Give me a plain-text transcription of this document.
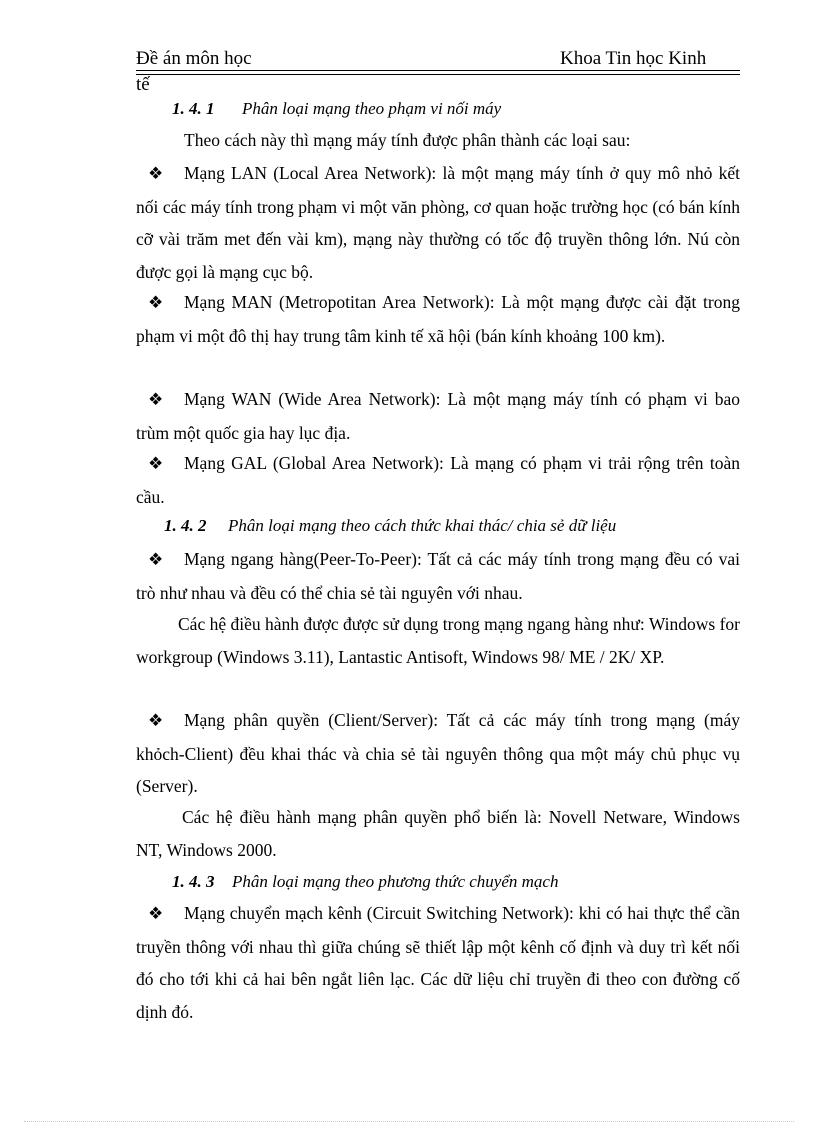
Đề án môn học	Khoa Tin học Kinh
tế
1. 4. 1 Phân loại mạng theo phạm vi nối máy
Theo cách này thì mạng máy tính được phân thành các loại sau:
❖ Mạng LAN (Local Area Network): là một mạng máy tính ở quy mô nhỏ kết nối các máy tính trong phạm vi một văn phòng, cơ quan hoặc trường học (có bán kính cỡ vài trăm met đến vài km), mạng này thường có tốc độ truyền thông lớn. Nú còn được gọi là mạng cục bộ.
❖ Mạng MAN (Metropotitan Area Network): Là một mạng được cài đặt trong phạm vi một đô thị hay trung tâm kinh tế xã hội (bán kính khoảng 100 km).
❖ Mạng WAN (Wide Area Network): Là một mạng máy tính có phạm vi bao trùm một quốc gia hay lục địa.
❖ Mạng GAL (Global Area Network): Là mạng có phạm vi trải rộng trên toàn cầu.
1. 4. 2 Phân loại mạng theo cách thức khai thác/ chia sẻ dữ liệu
❖ Mạng ngang hàng(Peer-To-Peer): Tất cả các máy tính trong mạng đều có vai trò như nhau và đều có thể chia sẻ tài nguyên với nhau.
Các hệ điều hành được được sử dụng trong mạng ngang hàng như: Windows for workgroup (Windows 3.11), Lantastic Antisoft, Windows 98/ ME / 2K/ XP.
❖ Mạng phân quyền (Client/Server): Tất cả các máy tính trong mạng (máy khỏch-Client) đều khai thác và chia sẻ tài nguyên thông qua một máy chủ phục vụ (Server).
Các hệ điều hành mạng phân quyền phổ biến là: Novell Netware, Windows NT, Windows 2000.
1. 4. 3 Phân loại mạng theo phương thức chuyển mạch
❖ Mạng chuyển mạch kênh (Circuit Switching Network): khi có hai thực thể cần truyền thông với nhau thì giữa chúng sẽ thiết lập một kênh cố định và duy trì kết nối đó cho tới khi cả hai bên ngắt liên lạc. Các dữ liệu chỉ truyền đi theo con đường cố dịnh đó.
